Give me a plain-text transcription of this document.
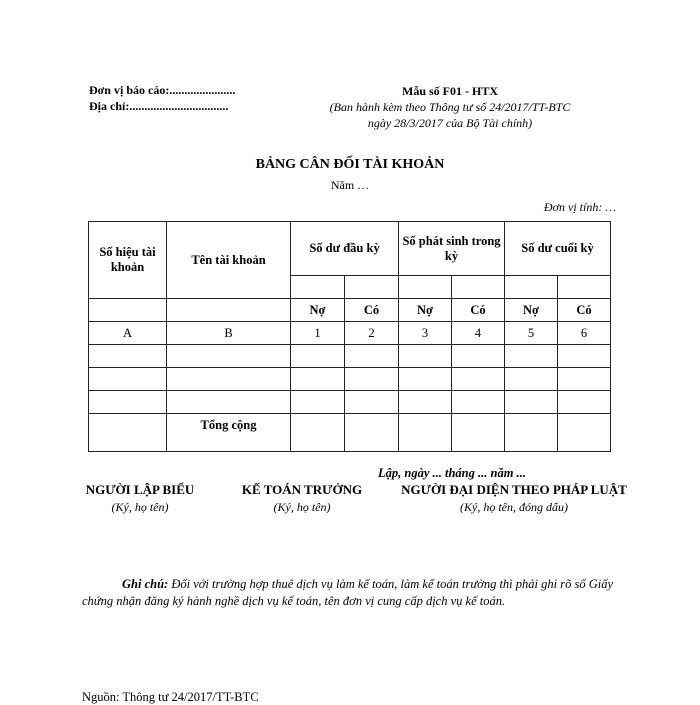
Đơn vị báo cáo:......................
Địa chỉ:.................................
Mẫu số F01 - HTX
(Ban hành kèm theo Thông tư số 24/2017/TT-BTC
ngày 28/3/2017 của Bộ Tài chính)
BẢNG CÂN ĐỐI TÀI KHOẢN
Năm …
Đơn vị tính: …
Số hiệu tài khoản	Tên tài khoản	Số dư đầu kỳ		Số phát sinh trong kỳ		Số dư cuối kỳ	

		Nợ	Có	Nợ	Có	Nợ	Có
A	B	1	2	3	4	5	6

	Tổng cộng						
Lập, ngày ... tháng ... năm ...
NGƯỜI LẬP BIỂU
(Ký, họ tên)
KẾ TOÁN TRƯỞNG
(Ký, họ tên)
NGƯỜI ĐẠI DIỆN THEO PHÁP LUẬT
(Ký, họ tên, đóng dấu)
Ghi chú: Đối với trường hợp thuê dịch vụ làm kế toán, làm kế toán trưởng thì phải ghi rõ số Giấy chứng nhận đăng ký hành nghề dịch vụ kế toán, tên đơn vị cung cấp dịch vụ kế toán.
Nguồn: Thông tư 24/2017/TT-BTC
